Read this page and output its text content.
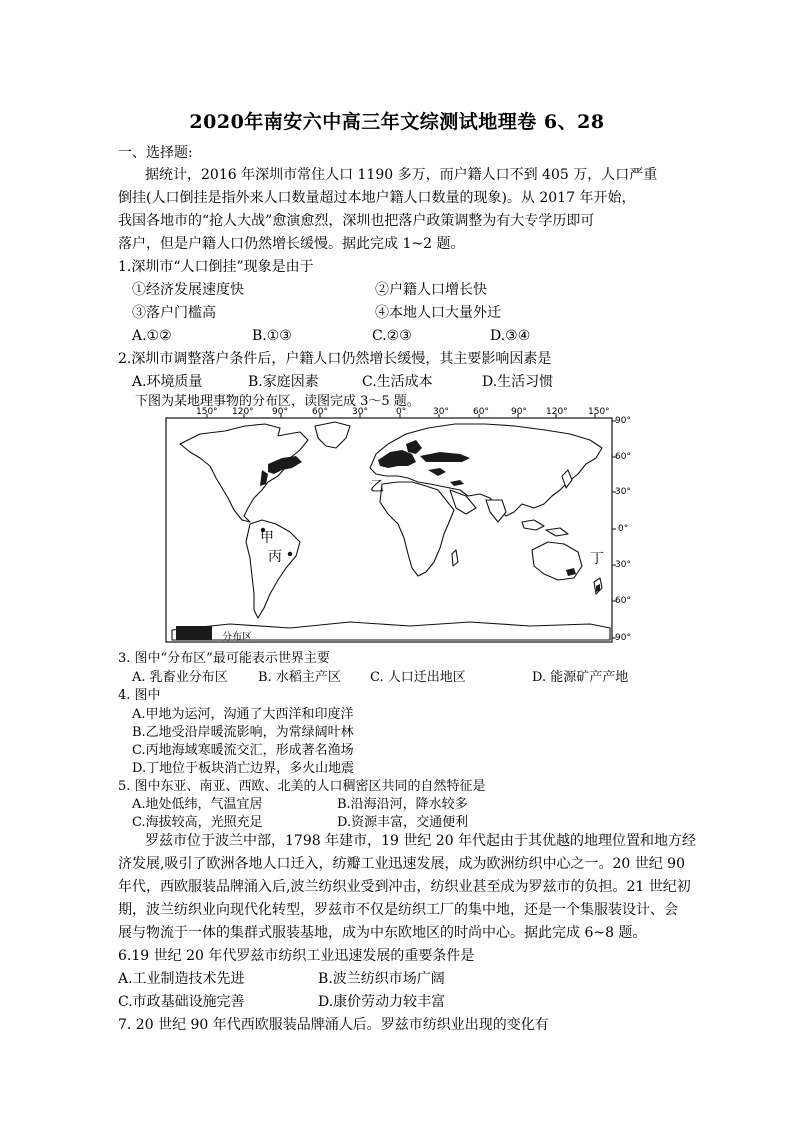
2020年南安六中高三年文综测试地理卷 6、28
一、选择题:
据统计，2016 年深圳市常住人口 1190 多万，而户籍人口不到 405 万，人口严重
倒挂(人口倒挂是指外来人口数量超过本地户籍人口数量的现象)。从 2017 年开始，
我国各地市的“抢人大战”愈演愈烈，深圳也把落户政策调整为有大专学历即可
落户，但是户籍人口仍然增长缓慢。据此完成 1~2 题。
1.深圳市“人口倒挂”现象是由于
①经济发展速度快	②户籍人口增长快
③落户门槛高	④本地人口大量外迁
A.①②	B.①③	C.②③	D.③④
2.深圳市调整落户条件后，户籍人口仍然增长缓慢，其主要影响因素是
A.环境质量	B.家庭因素	C.生活成本	D.生活习惯
下图为某地理事物的分布区，读图完成 3～5 题。
150° 120° 90°	60°	30°	0°	30°	60° 90° 120° 150°
90°
60°
30°
0°
30°
60°
90°
乙
甲
丙	丁
分布区
3. 图中“分布区”最可能表示世界主要
A. 乳畜业分布区 B. 水稻主产区 C. 人口迁出地区	D. 能源矿产产地
4. 图中
A.甲地为运河，沟通了大西洋和印度洋
B.乙地受沿岸暖流影响，为常绿阔叶林
C.丙地海域寒暖流交汇，形成著名渔场
D.丁地位于板块消亡边界，多火山地震
5. 图中东亚、南亚、西欧、北美的人口稠密区共同的自然特征是
A.地处低纬，气温宜居	B.沿海沿河，降水较多
C.海拔较高，光照充足	D.资源丰富，交通便利
罗兹市位于波兰中部，1798 年建市，19 世纪 20 年代起由于其优越的地理位置和地方经
济发展,吸引了欧洲各地人口迁入，纺瓣工业迅速发展，成为欧洲纺织中心之一。20 世纪 90
年代，西欧服装品牌涌入后,波兰纺织业受到冲击，纺织业甚至成为罗兹市的负担。21 世纪初
期，波兰纺织业向现代化转型，罗兹市不仅是纺织工厂的集中地，还是一个集服装设计、会
展与物流于一体的集群式服装基地，成为中东欧地区的时尚中心。据此完成 6~8 题。
6.19 世纪 20 年代罗兹市纺织工业迅速发展的重要条件是
A.工业制造技术先进	B.波兰纺织市场广阔
C.市政基础设施完善	D.康价劳动力较丰富
7. 20 世纪 90 年代西欧服装品牌涌人后。罗兹市纺织业出现的变化有
